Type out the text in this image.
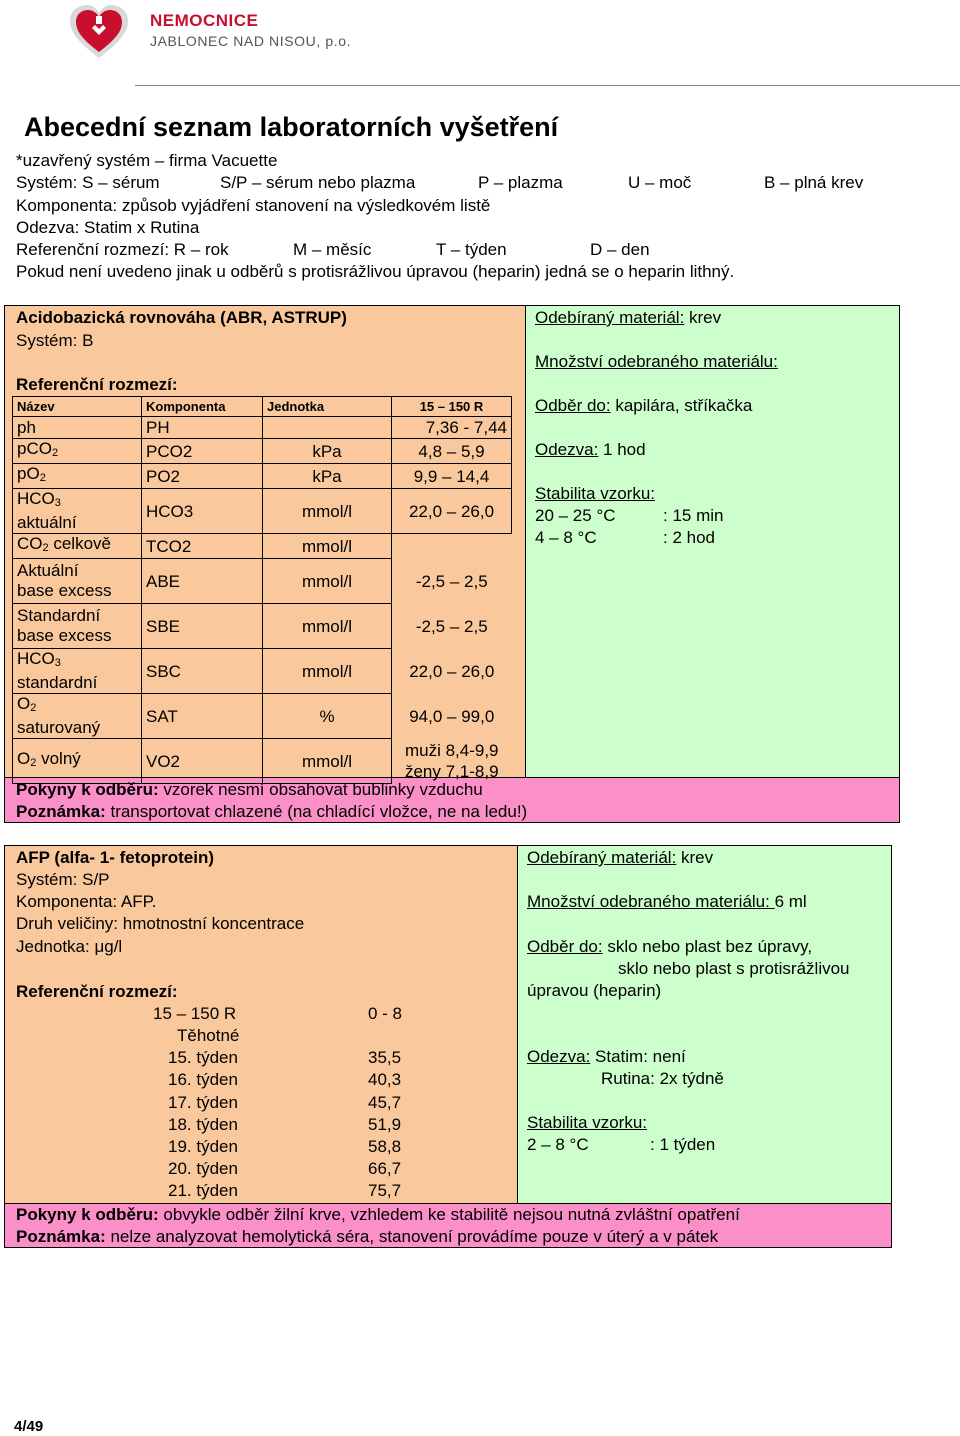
NEMOCNICE
JABLONEC NAD NISOU, p.o.
Abecední seznam laboratorních vyšetření
*uzavřený systém – firma Vacuette
Systém: S – sérum	S/P – sérum nebo plazma	P – plazma	U – moč	B – plná krev
Komponenta: způsob vyjádření stanovení na výsledkovém listě
Odezva: Statim x Rutina
Referenční rozmezí: R – rok	M – měsíc	T – týden	D – den
Pokud není uvedeno jinak u odběrů s protisrážlivou úpravou (heparin) jedná se o heparin lithný.
Acidobazická rovnováha (ABR, ASTRUP)
Systém: B
Referenční rozmezí:
Název	Komponenta	Jednotka	15 – 150 R
ph	PH		7,36 - 7,44
pCO$_2$	PCO2	kPa	4,8 – 5,9
$pO_2$	PO2	kPa	9,9 – 14,4
$HCO_3$
aktuální	HCO3	mmol/l	22,0 – 26,0
$CO_2$ celkově	TCO2	mmol/l	
Aktuální
base excess	ABE	mmol/l	-2,5 – 2,5
Standardní
base excess	SBE	mmol/l	-2,5 – 2,5
$HCO_3$
standardní	SBC	mmol/l	22,0 – 26,0
$O_2$
saturovaný	SAT	%	94,0 – 99,0
$O_2$ volný	VO2	mmol/l	muži 8,4-9,9
ženy 7,1-8,9
Odebíraný materiál: krev
Množství odebraného materiálu:
Odběr do: kapilára, stříkačka
Odezva: 1 hod
Stabilita vzorku:
20 – 25 °C	: 15 min
4 – 8 °C	: 2 hod
Pokyny k odběru: vzorek nesmí obsahovat bublinky vzduchu
Poznámka: transportovat chlazené (na chladící vložce, ne na ledu!)
AFP (alfa- 1- fetoprotein)
Systém: S/P
Komponenta: AFP.
Druh veličiny: hmotnostní koncentrace
Jednotka: μg/l
Referenční rozmezí:
15 – 150 R	0 - 8
Těhotné
15. týden	35,5
16. týden	40,3
17. týden	45,7
18. týden	51,9
19. týden	58,8
20. týden	66,7
21. týden	75,7
Odebíraný materiál: krev
Množství odebraného materiálu: 6 ml
Odběr do: sklo nebo plast bez úpravy,
sklo nebo plast s protisrážlivou
úpravou (heparin)
Odezva: Statim: není
Rutina: 2x týdně
Stabilita vzorku:
2 – 8 °C	: 1 týden
Pokyny k odběru: obvykle odběr žilní krve, vzhledem ke stabilitě nejsou nutná zvláštní opatření
Poznámka: nelze analyzovat hemolytická séra, stanovení provádíme pouze v úterý a v pátek
4/49
